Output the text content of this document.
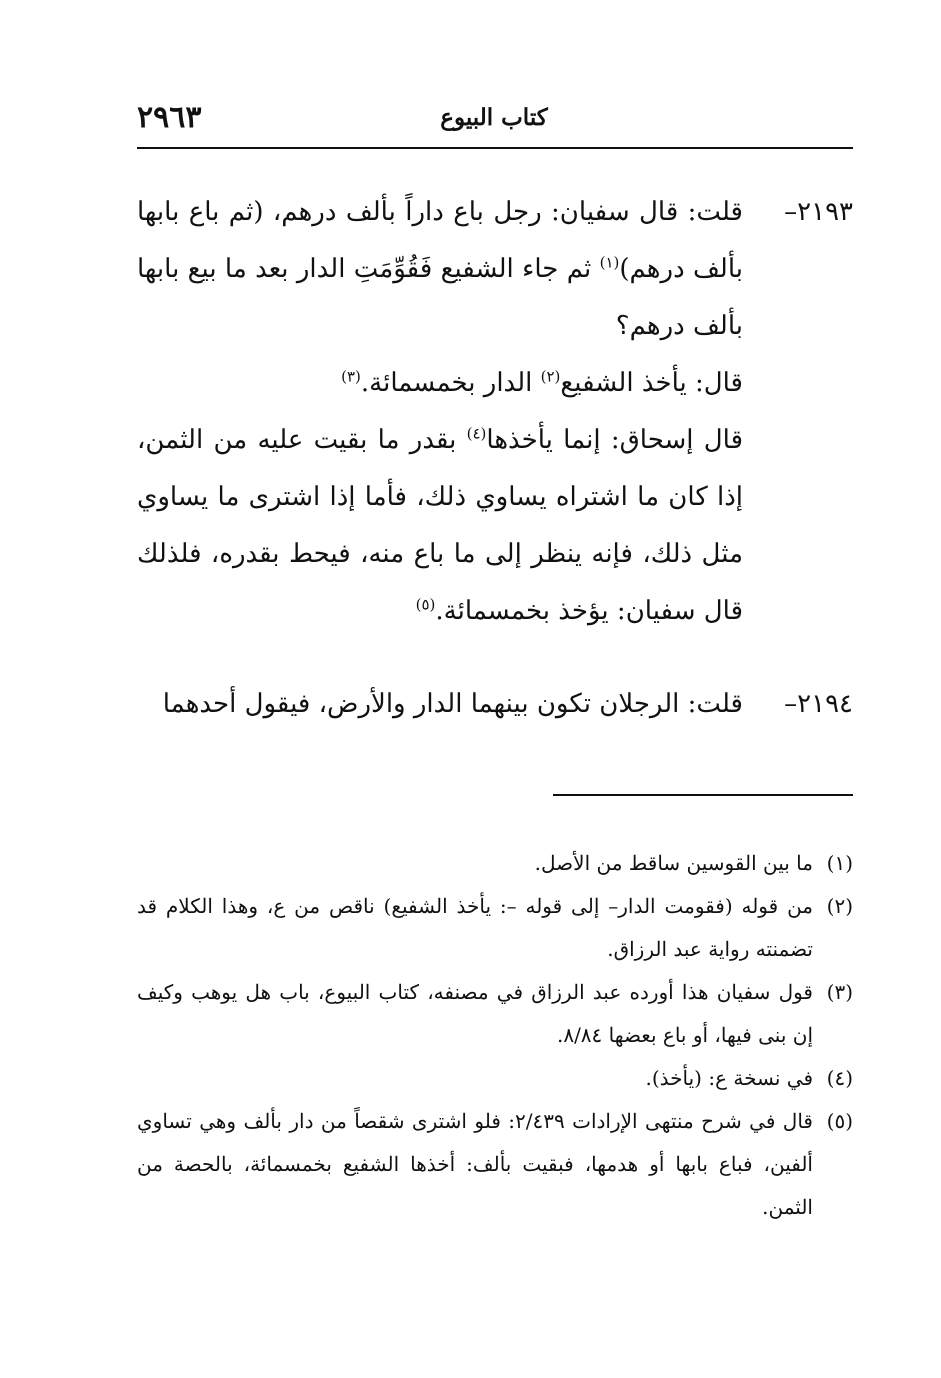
كتاب البيوع
٢٩٦٣

٢١٩٣–قلت: قال سفيان: رجل باع داراً بألف درهم، (ثم باع بابها بألف درهم)$^{(١)}$ ثم جاء الشفيع فَقُوِّمَتِ الدار بعد ما بيع بابها بألف درهم؟

قال: يأخذ الشفيع$^{(٢)}$ الدار بخمسمائة.$^{(٣)}$

قال إسحاق: إنما يأخذها$^{(٤)}$ بقدر ما بقيت عليه من الثمن، إذا كان ما اشتراه يساوي ذلك، فأما إذا اشترى ما يساوي مثل ذلك، فإنه ينظر إلى ما باع منه، فيحط بقدره، فلذلك قال سفيان: يؤخذ بخمسمائة.$^{(٥)}$

٢١٩٤–قلت: الرجلان تكون بينهما الدار والأرض، فيقول أحدهما

(١)ما بين القوسين ساقط من الأصل.

(٢)من قوله (فقومت الدار– إلى قوله –: يأخذ الشفيع) ناقص من ع، وهذا الكلام قد تضمنته رواية عبد الرزاق.

(٣)قول سفيان هذا أورده عبد الرزاق في مصنفه، كتاب البيوع، باب هل يوهب وكيف إن بنى فيها، أو باع بعضها ٨/٨٤.

(٤)في نسخة ع: (يأخذ).

(٥)قال في شرح منتهى الإرادات ٢/٤٣٩: فلو اشترى شقصاً من دار بألف وهي تساوي ألفين، فباع بابها أو هدمها، فبقيت بألف: أخذها الشفيع بخمسمائة، بالحصة من الثمن.
